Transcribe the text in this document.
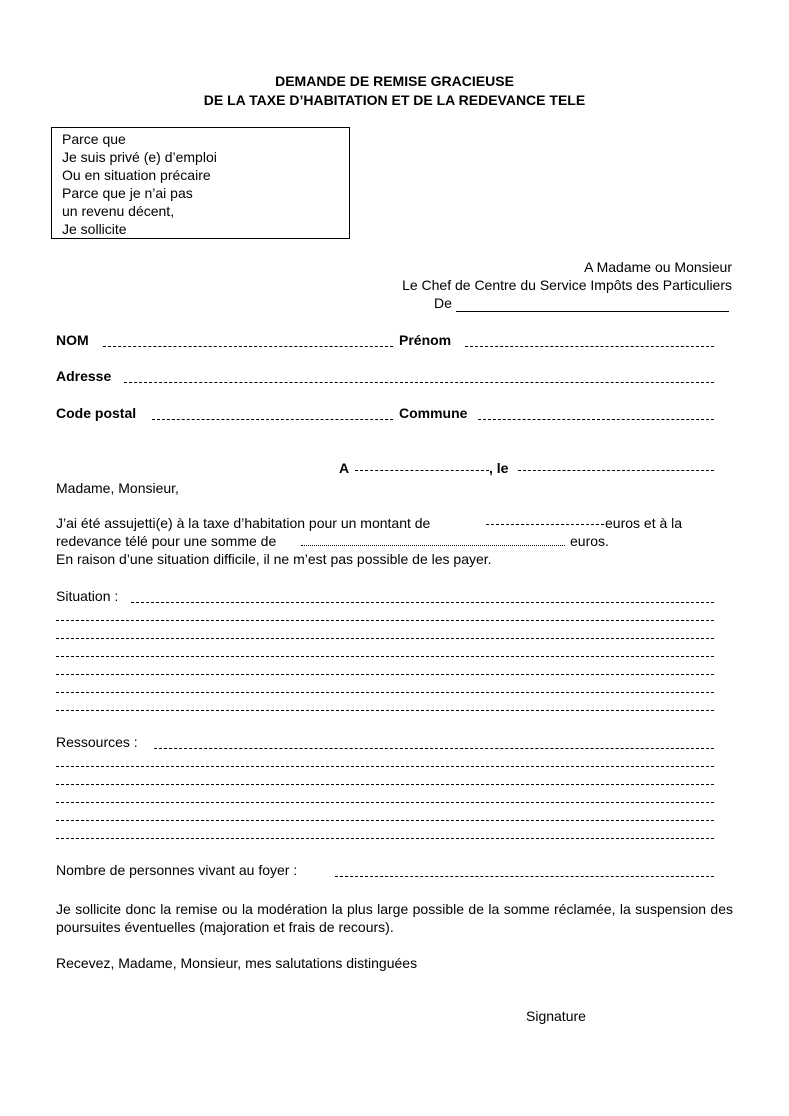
DEMANDE DE REMISE GRACIEUSE
DE LA TAXE D’HABITATION ET DE LA REDEVANCE TELE
Parce que
Je suis privé (e) d’emploi
Ou en situation précaire
Parce que je n’ai pas
un revenu décent,
Je sollicite
A Madame ou Monsieur
Le Chef de Centre du Service Impôts des Particuliers
De
NOM	Prénom
Adresse
Code postal	Commune
A	, le
Madame, Monsieur,
J’ai été assujetti(e) à la taxe d’habitation pour un montant de	euros et à la
redevance télé pour une somme de	euros.
En raison d’une situation difficile, il ne m’est pas possible de les payer.
Situation :
Ressources :
Nombre de personnes vivant au foyer :
Je sollicite donc la remise ou la modération la plus large possible de la somme réclamée, la suspension des poursuites éventuelles (majoration et frais de recours).
Recevez, Madame, Monsieur, mes salutations distinguées
Signature
